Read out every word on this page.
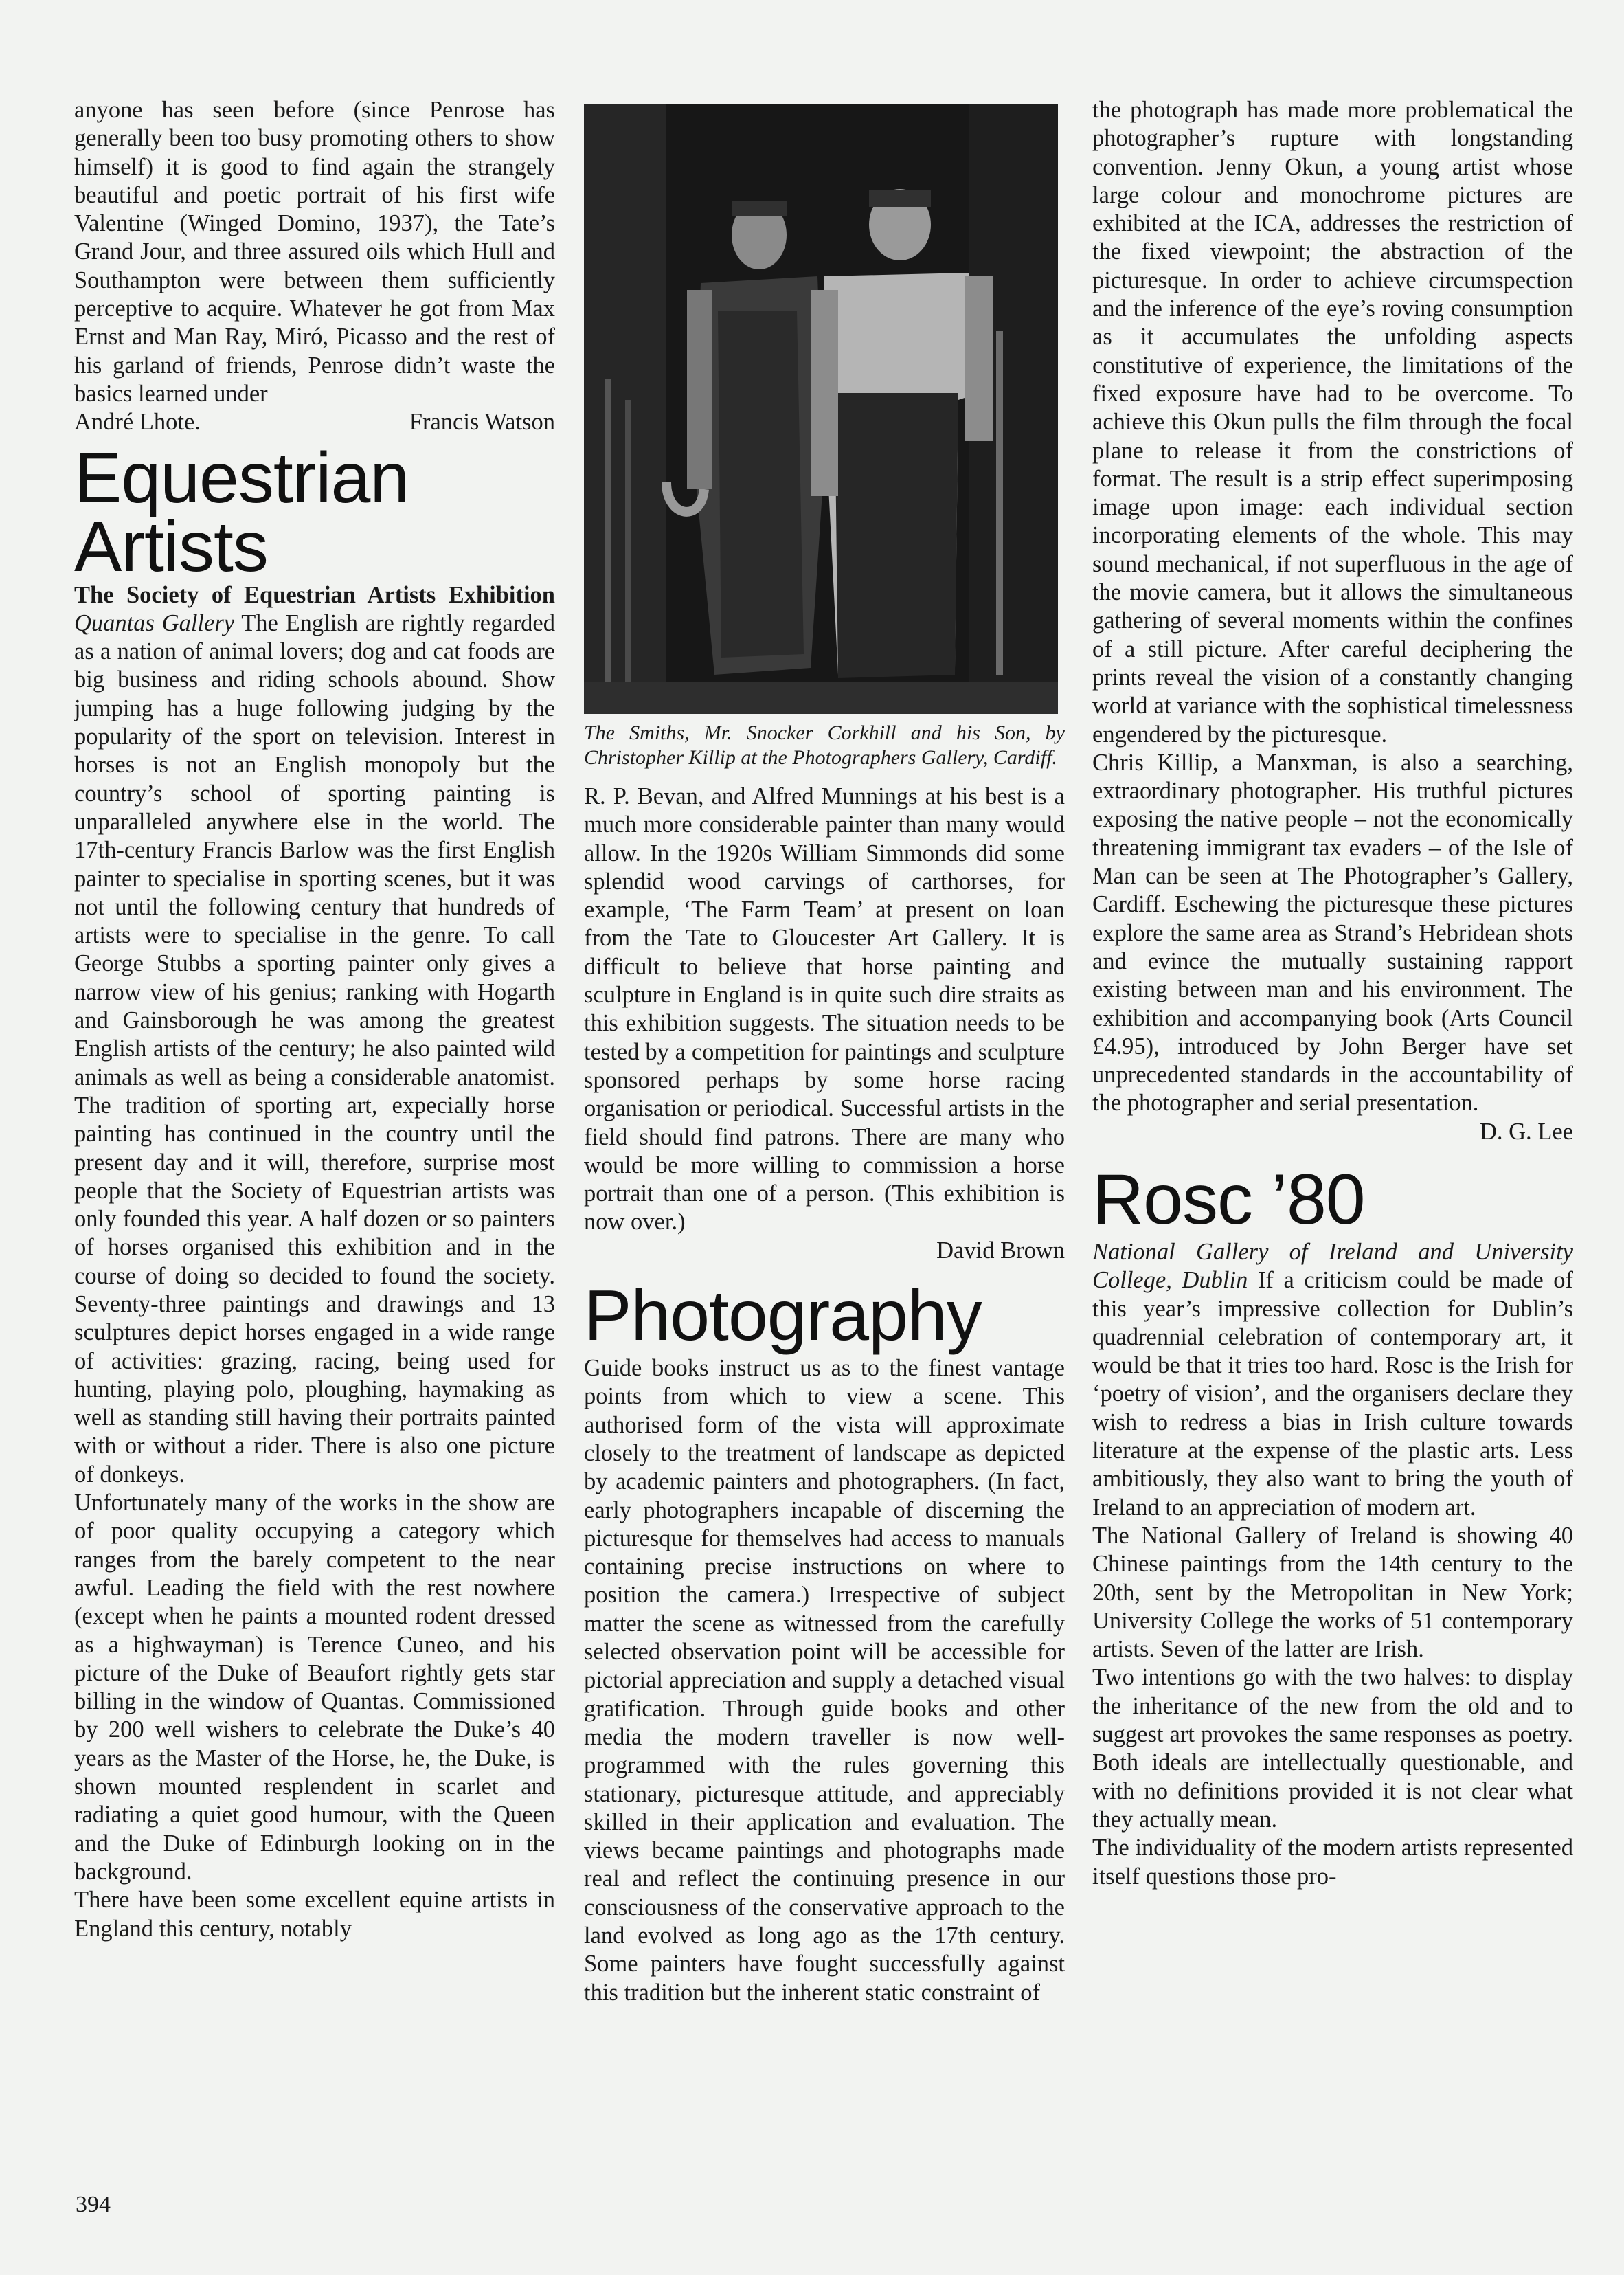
anyone has seen before (since Penrose has generally been too busy promoting others to show himself) it is good to find again the strangely beautiful and poetic portrait of his first wife Valentine (Winged Domino, 1937), the Tate’s Grand Jour, and three assured oils which Hull and Southampton were between them sufficiently perceptive to acquire. Whatever he got from Max Ernst and Man Ray, Miró, Picasso and the rest of his garland of friends, Penrose didn’t waste the basics learned under

André Lhote.	Francis Watson
Equestrian
Artists

The Society of Equestrian Artists Exhibition Quantas Gallery The English are rightly regarded as a nation of animal lovers; dog and cat foods are big business and riding schools abound. Show jumping has a huge following judging by the popularity of the sport on television. Interest in horses is not an English monopoly but the country’s school of sporting painting is unparalleled anywhere else in the world. The 17th-century Francis Barlow was the first English painter to specialise in sporting scenes, but it was not until the following century that hundreds of artists were to specialise in the genre. To call George Stubbs a sporting painter only gives a narrow view of his genius; ranking with Hogarth and Gainsborough he was among the greatest English artists of the century; he also painted wild animals as well as being a considerable anatomist. The tradition of sporting art, expecially horse painting has continued in the country until the present day and it will, therefore, surprise most people that the Society of Equestrian artists was only founded this year. A half dozen or so painters of horses organised this exhibition and in the course of doing so decided to found the society. Seventy-three paintings and drawings and 13 sculptures depict horses engaged in a wide range of activities: grazing, racing, being used for hunting, playing polo, ploughing, haymaking as well as standing still having their portraits painted with or without a rider. There is also one picture of donkeys.

Unfortunately many of the works in the show are of poor quality occupying a category which ranges from the barely competent to the near awful. Leading the field with the rest nowhere (except when he paints a mounted rodent dressed as a highwayman) is Terence Cuneo, and his picture of the Duke of Beaufort rightly gets star billing in the window of Quantas. Commissioned by 200 well wishers to celebrate the Duke’s 40 years as the Master of the Horse, he, the Duke, is shown mounted resplendent in scarlet and radiating a quiet good humour, with the Queen and the Duke of Edinburgh looking on in the background.

There have been some excellent equine artists in England this century, notably

The Smiths, Mr. Snocker Corkhill and his Son, by Christopher Killip at the Photographers Gallery, Cardiff.

R. P. Bevan, and Alfred Munnings at his best is a much more considerable painter than many would allow. In the 1920s William Simmonds did some splendid wood carvings of carthorses, for example, ‘The Farm Team’ at present on loan from the Tate to Gloucester Art Gallery. It is difficult to believe that horse painting and sculpture in England is in quite such dire straits as this exhibition suggests. The situation needs to be tested by a competition for paintings and sculpture sponsored perhaps by some horse racing organisation or periodical. Successful artists in the field should find patrons. There are many who would be more willing to commission a horse portrait than one of a person. (This exhibition is now over.)

David Brown
Photography

Guide books instruct us as to the finest vantage points from which to view a scene. This authorised form of the vista will approximate closely to the treatment of landscape as depicted by academic painters and photographers. (In fact, early photographers incapable of discerning the picturesque for themselves had access to manuals containing precise instructions on where to position the camera.) Irrespective of subject matter the scene as witnessed from the carefully selected observation point will be accessible for pictorial appreciation and supply a detached visual gratification. Through guide books and other media the modern traveller is now well-programmed with the rules governing this stationary, picturesque attitude, and appreciably skilled in their application and evaluation. The views became paintings and photographs made real and reflect the continuing presence in our consciousness of the conservative approach to the land evolved as long ago as the 17th century. Some painters have fought successfully against this tradition but the inherent static constraint of

the photograph has made more problematical the photographer’s rupture with longstanding convention. Jenny Okun, a young artist whose large colour and monochrome pictures are exhibited at the ICA, addresses the restriction of the fixed viewpoint; the abstraction of the picturesque. In order to achieve circumspection and the inference of the eye’s roving consumption as it accumulates the unfolding aspects constitutive of experience, the limitations of the fixed exposure have had to be overcome. To achieve this Okun pulls the film through the focal plane to release it from the constrictions of format. The result is a strip effect superimposing image upon image: each individual section incorporating elements of the whole. This may sound mechanical, if not superfluous in the age of the movie camera, but it allows the simultaneous gathering of several moments within the confines of a still picture. After careful deciphering the prints reveal the vision of a constantly changing world at variance with the sophistical timelessness engendered by the picturesque.

Chris Killip, a Manxman, is also a searching, extraordinary photographer. His truthful pictures exposing the native people – not the economically threatening immigrant tax evaders – of the Isle of Man can be seen at The Photographer’s Gallery, Cardiff. Eschewing the picturesque these pictures explore the same area as Strand’s Hebridean shots and evince the mutually sustaining rapport existing between man and his environment. The exhibition and accompanying book (Arts Council £4.95), introduced by John Berger have set unprecedented standards in the accountability of the photographer and serial presentation.

D. G. Lee
Rosc ’80

National Gallery of Ireland and University College, Dublin If a criticism could be made of this year’s impressive collection for Dublin’s quadrennial celebration of contemporary art, it would be that it tries too hard. Rosc is the Irish for ‘poetry of vision’, and the organisers declare they wish to redress a bias in Irish culture towards literature at the expense of the plastic arts. Less ambitiously, they also want to bring the youth of Ireland to an appreciation of modern art.

The National Gallery of Ireland is showing 40 Chinese paintings from the 14th century to the 20th, sent by the Metropolitan in New York; University College the works of 51 contemporary artists. Seven of the latter are Irish.

Two intentions go with the two halves: to display the inheritance of the new from the old and to suggest art provokes the same responses as poetry. Both ideals are intellectually questionable, and with no definitions provided it is not clear what they actually mean.

The individuality of the modern artists represented itself questions those pro-

394
